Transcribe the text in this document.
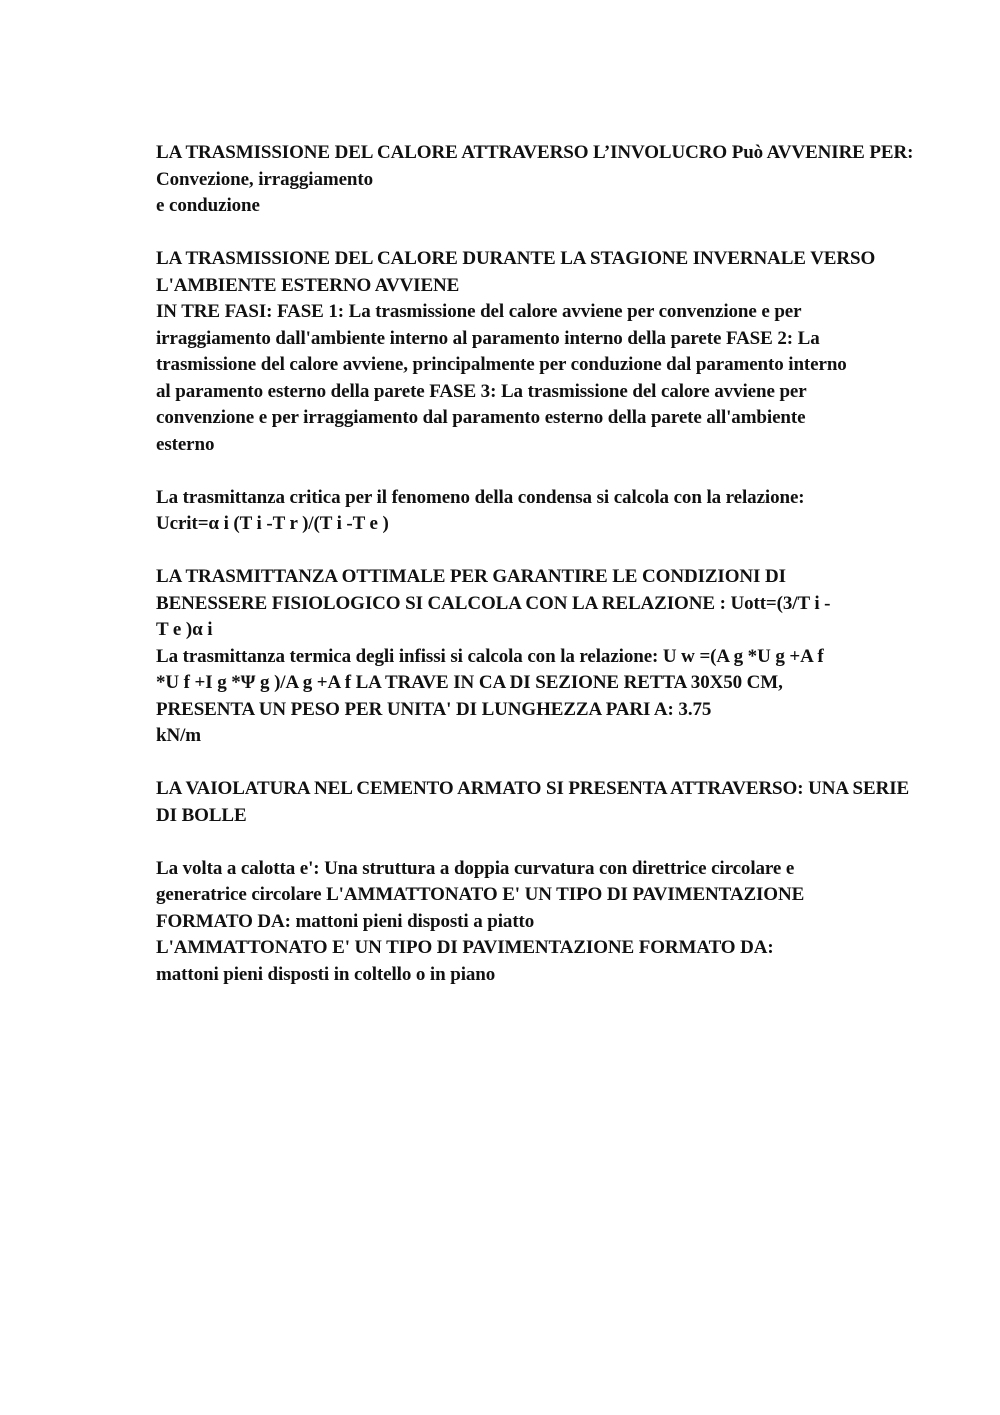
LA TRASMISSIONE DEL CALORE ATTRAVERSO L’INVOLUCRO Può AVVENIRE PER:
Convezione, irraggiamento
e conduzione
LA TRASMISSIONE DEL CALORE DURANTE LA STAGIONE INVERNALE VERSO
L'AMBIENTE ESTERNO AVVIENE
IN TRE FASI: FASE 1: La trasmissione del calore avviene per convenzione e per
irraggiamento dall'ambiente interno al paramento interno della parete FASE 2: La
trasmissione del calore avviene, principalmente per conduzione dal paramento interno
al paramento esterno della parete FASE 3: La trasmissione del calore avviene per
convenzione e per irraggiamento dal paramento esterno della parete all'ambiente
esterno
La trasmittanza critica per il fenomeno della condensa si calcola con la relazione:
Ucrit=α i (T i -T r )/(T i -T e )
LA TRASMITTANZA OTTIMALE PER GARANTIRE LE CONDIZIONI DI
BENESSERE FISIOLOGICO SI CALCOLA CON LA RELAZIONE : Uott=(3/T i -
T e )α i
La trasmittanza termica degli infissi si calcola con la relazione: U w =(A g *U g +A f
*U f +I g *Ψ g )/A g +A f LA TRAVE IN CA DI SEZIONE RETTA 30X50 CM,
PRESENTA UN PESO PER UNITA' DI LUNGHEZZA PARI A: 3.75
kN/m
LA VAIOLATURA NEL CEMENTO ARMATO SI PRESENTA ATTRAVERSO: UNA SERIE
DI BOLLE
La volta a calotta e': Una struttura a doppia curvatura con direttrice circolare e
generatrice circolare L'AMMATTONATO E' UN TIPO DI PAVIMENTAZIONE
FORMATO DA: mattoni pieni disposti a piatto
L'AMMATTONATO E' UN TIPO DI PAVIMENTAZIONE FORMATO DA:
mattoni pieni disposti in coltello o in piano
